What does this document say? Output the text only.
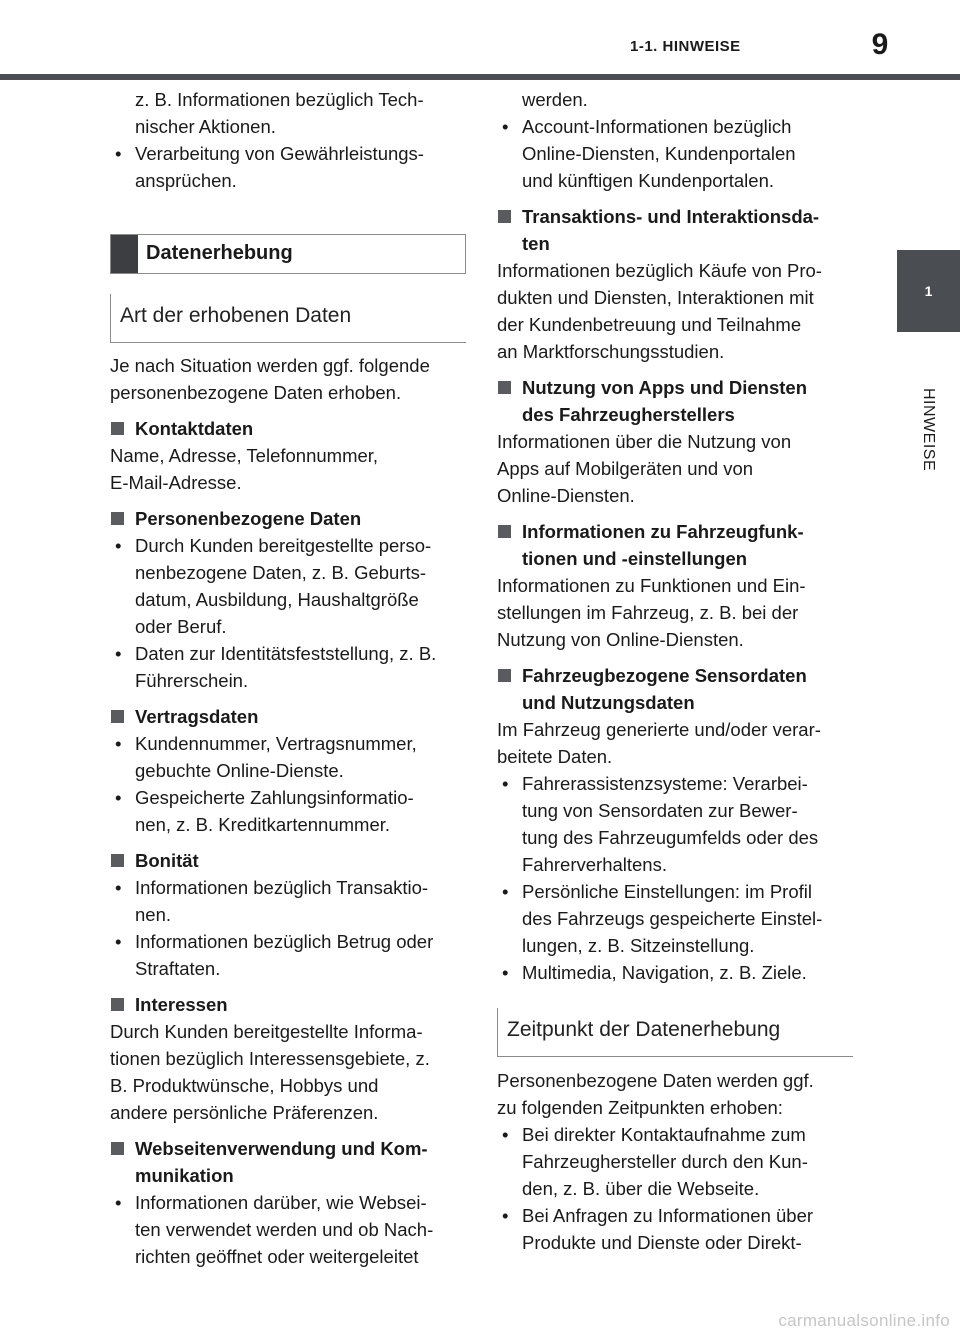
1-1. HINWEISE	9
1
HINWEISE

z. B. Informationen bezüglich Tech-

nischer Aktionen.

• Verarbeitung von Gewährleistungs-

ansprüchen.

Datenerhebung
Art der erhobenen Daten

Je nach Situation werden ggf. folgende

personenbezogene Daten erhoben.

Kontaktdaten

Name, Adresse, Telefonnummer,

E-Mail-Adresse.

Personenbezogene Daten

• Durch Kunden bereitgestellte perso-

nenbezogene Daten, z. B. Geburts-

datum, Ausbildung, Haushaltgröße

oder Beruf.

• Daten zur Identitätsfeststellung, z. B.

Führerschein.

Vertragsdaten

• Kundennummer, Vertragsnummer,

gebuchte Online-Dienste.

• Gespeicherte Zahlungsinformatio-

nen, z. B. Kreditkartennummer.

Bonität

• Informationen bezüglich Transaktio-

nen.

• Informationen bezüglich Betrug oder

Straftaten.

Interessen

Durch Kunden bereitgestellte Informa-

tionen bezüglich Interessensgebiete, z.

B. Produktwünsche, Hobbys und

andere persönliche Präferenzen.

Webseitenverwendung und Kom-

munikation

• Informationen darüber, wie Websei-

ten verwendet werden und ob Nach-

richten geöffnet oder weitergeleitet

werden.

• Account-Informationen bezüglich

Online-Diensten, Kundenportalen

und künftigen Kundenportalen.

Transaktions- und Interaktionsda-

ten

Informationen bezüglich Käufe von Pro-

dukten und Diensten, Interaktionen mit

der Kundenbetreuung und Teilnahme

an Marktforschungsstudien.

Nutzung von Apps und Diensten

des Fahrzeugherstellers

Informationen über die Nutzung von

Apps auf Mobilgeräten und von

Online-Diensten.

Informationen zu Fahrzeugfunk-

tionen und -einstellungen

Informationen zu Funktionen und Ein-

stellungen im Fahrzeug, z. B. bei der

Nutzung von Online-Diensten.

Fahrzeugbezogene Sensordaten

und Nutzungsdaten

Im Fahrzeug generierte und/oder verar-

beitete Daten.

• Fahrerassistenzsysteme: Verarbei-

tung von Sensordaten zur Bewer-

tung des Fahrzeugumfelds oder des

Fahrerverhaltens.

• Persönliche Einstellungen: im Profil

des Fahrzeugs gespeicherte Einstel-

lungen, z. B. Sitzeinstellung.

• Multimedia, Navigation, z. B. Ziele.

Zeitpunkt der Datenerhebung

Personenbezogene Daten werden ggf.

zu folgenden Zeitpunkten erhoben:

• Bei direkter Kontaktaufnahme zum

Fahrzeughersteller durch den Kun-

den, z. B. über die Webseite.

• Bei Anfragen zu Informationen über

Produkte und Dienste oder Direkt-

carmanualsonline.info
